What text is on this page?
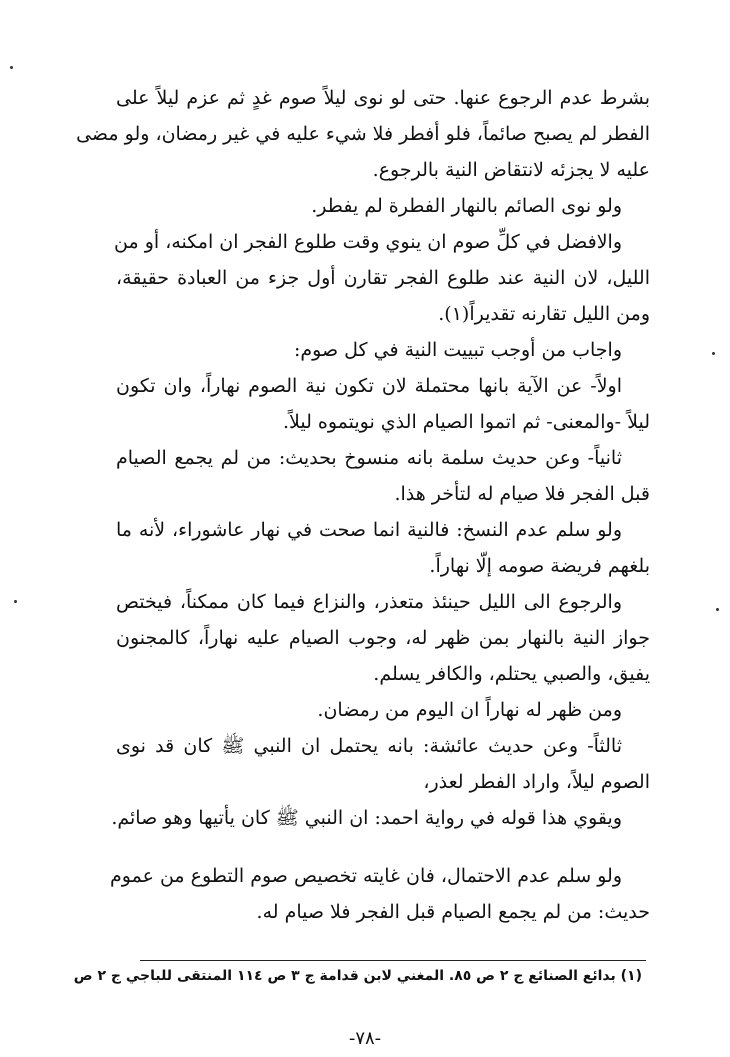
بشرط عدم الرجوع عنها. حتى لو نوى ليلاً صوم غدٍ ثم عزم ليلاً على
الفطر لم يصبح صائماً، فلو أفطر فلا شيء عليه في غير رمضان، ولو مضى
عليه لا يجزئه لانتقاض النية بالرجوع.
ولو نوى الصائم بالنهار الفطرة لم يفطر.
والافضل في كلِّ صوم ان ينوي وقت طلوع الفجر ان امكنه، أو من
الليل، لان النية عند طلوع الفجر تقارن أول جزء من العبادة حقيقة،
ومن الليل تقارنه تقديراً(١).
واجاب من أوجب تبييت النية في كل صوم:
اولاً- عن الآية بانها محتملة لان تكون نية الصوم نهاراً، وان تكون
ليلاً -والمعنى- ثم اتموا الصيام الذي نويتموه ليلاً.
ثانياً- وعن حديث سلمة بانه منسوخ بحديث: من لم يجمع الصيام
قبل الفجر فلا صيام له لتأخر هذا.
ولو سلم عدم النسخ: فالنية انما صحت في نهار عاشوراء، لأنه ما
بلغهم فريضة صومه إلّا نهاراً.
والرجوع الى الليل حينئذ متعذر، والنزاع فيما كان ممكناً، فيختص
جواز النية بالنهار بمن ظهر له، وجوب الصيام عليه نهاراً، كالمجنون
يفيق، والصبي يحتلم، والكافر يسلم.
ومن ظهر له نهاراً ان اليوم من رمضان.
ثالثاً- وعن حديث عائشة: بانه يحتمل ان النبي ﷺ كان قد نوى
الصوم ليلاً، واراد الفطر لعذر،
ويقوي هذا قوله في رواية احمد: ان النبي ﷺ كان يأتيها وهو صائم.
ولو سلم عدم الاحتمال، فان غايته تخصيص صوم التطوع من عموم
حديث: من لم يجمع الصيام قبل الفجر فلا صيام له.
(١) بدائع الصنائع ج ٢ ص ٨٥. المغني لابن قدامة ج ٣ ص ١١٤ المنتقى للباجي ج ٢ ص
-٧٨-
